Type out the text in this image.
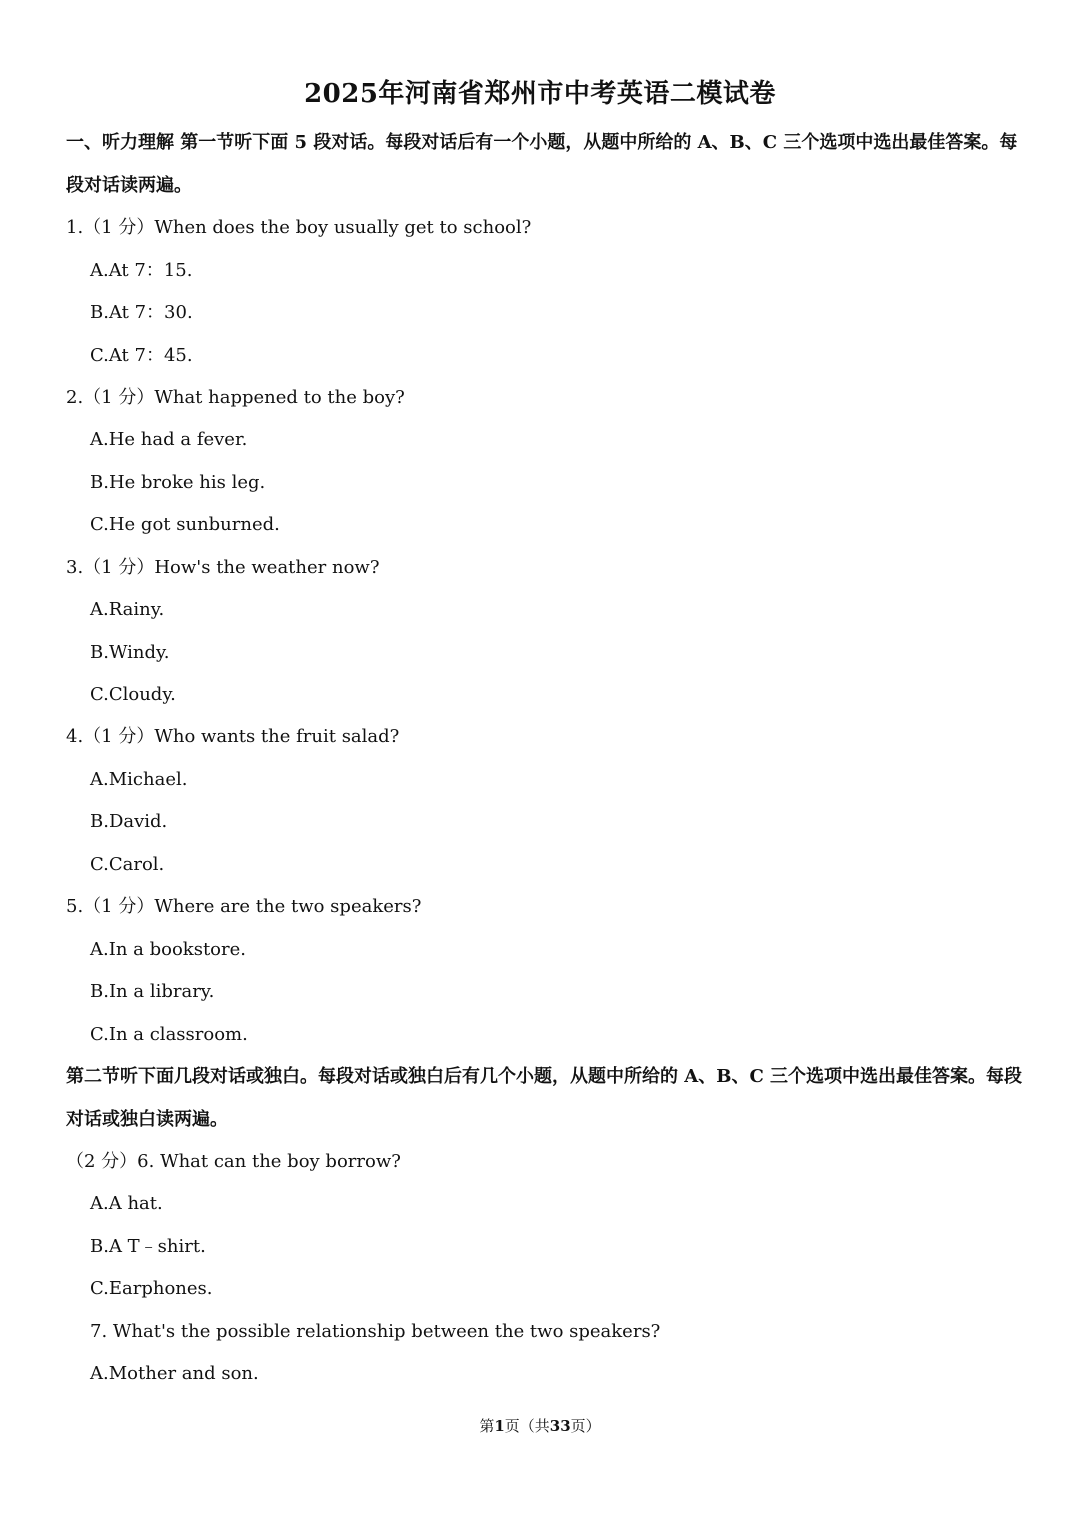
2025年河南省郑州市中考英语二模试卷
一、听力理解 第一节听下面 5 段对话。每段对话后有一个小题，从题中所给的 A、B、C 三个选项中选出最佳答案。每段对话读两遍。
1.（1 分）When does the boy usually get to school?
A.At 7：15.
B.At 7：30.
C.At 7：45.
2.（1 分）What happened to the boy?
A.He had a fever.
B.He broke his leg.
C.He got sunburned.
3.（1 分）How's the weather now?
A.Rainy.
B.Windy.
C.Cloudy.
4.（1 分）Who wants the fruit salad?
A.Michael.
B.David.
C.Carol.
5.（1 分）Where are the two speakers?
A.In a bookstore.
B.In a library.
C.In a classroom.
第二节听下面几段对话或独白。每段对话或独白后有几个小题，从题中所给的 A、B、C 三个选项中选出最佳答案。每段对话或独白读两遍。
（2 分）6. What can the boy borrow?
A.A hat.
B.A T﹣shirt.
C.Earphones.
7. What's the possible relationship between the two speakers?
A.Mother and son.
第1页（共33页）
